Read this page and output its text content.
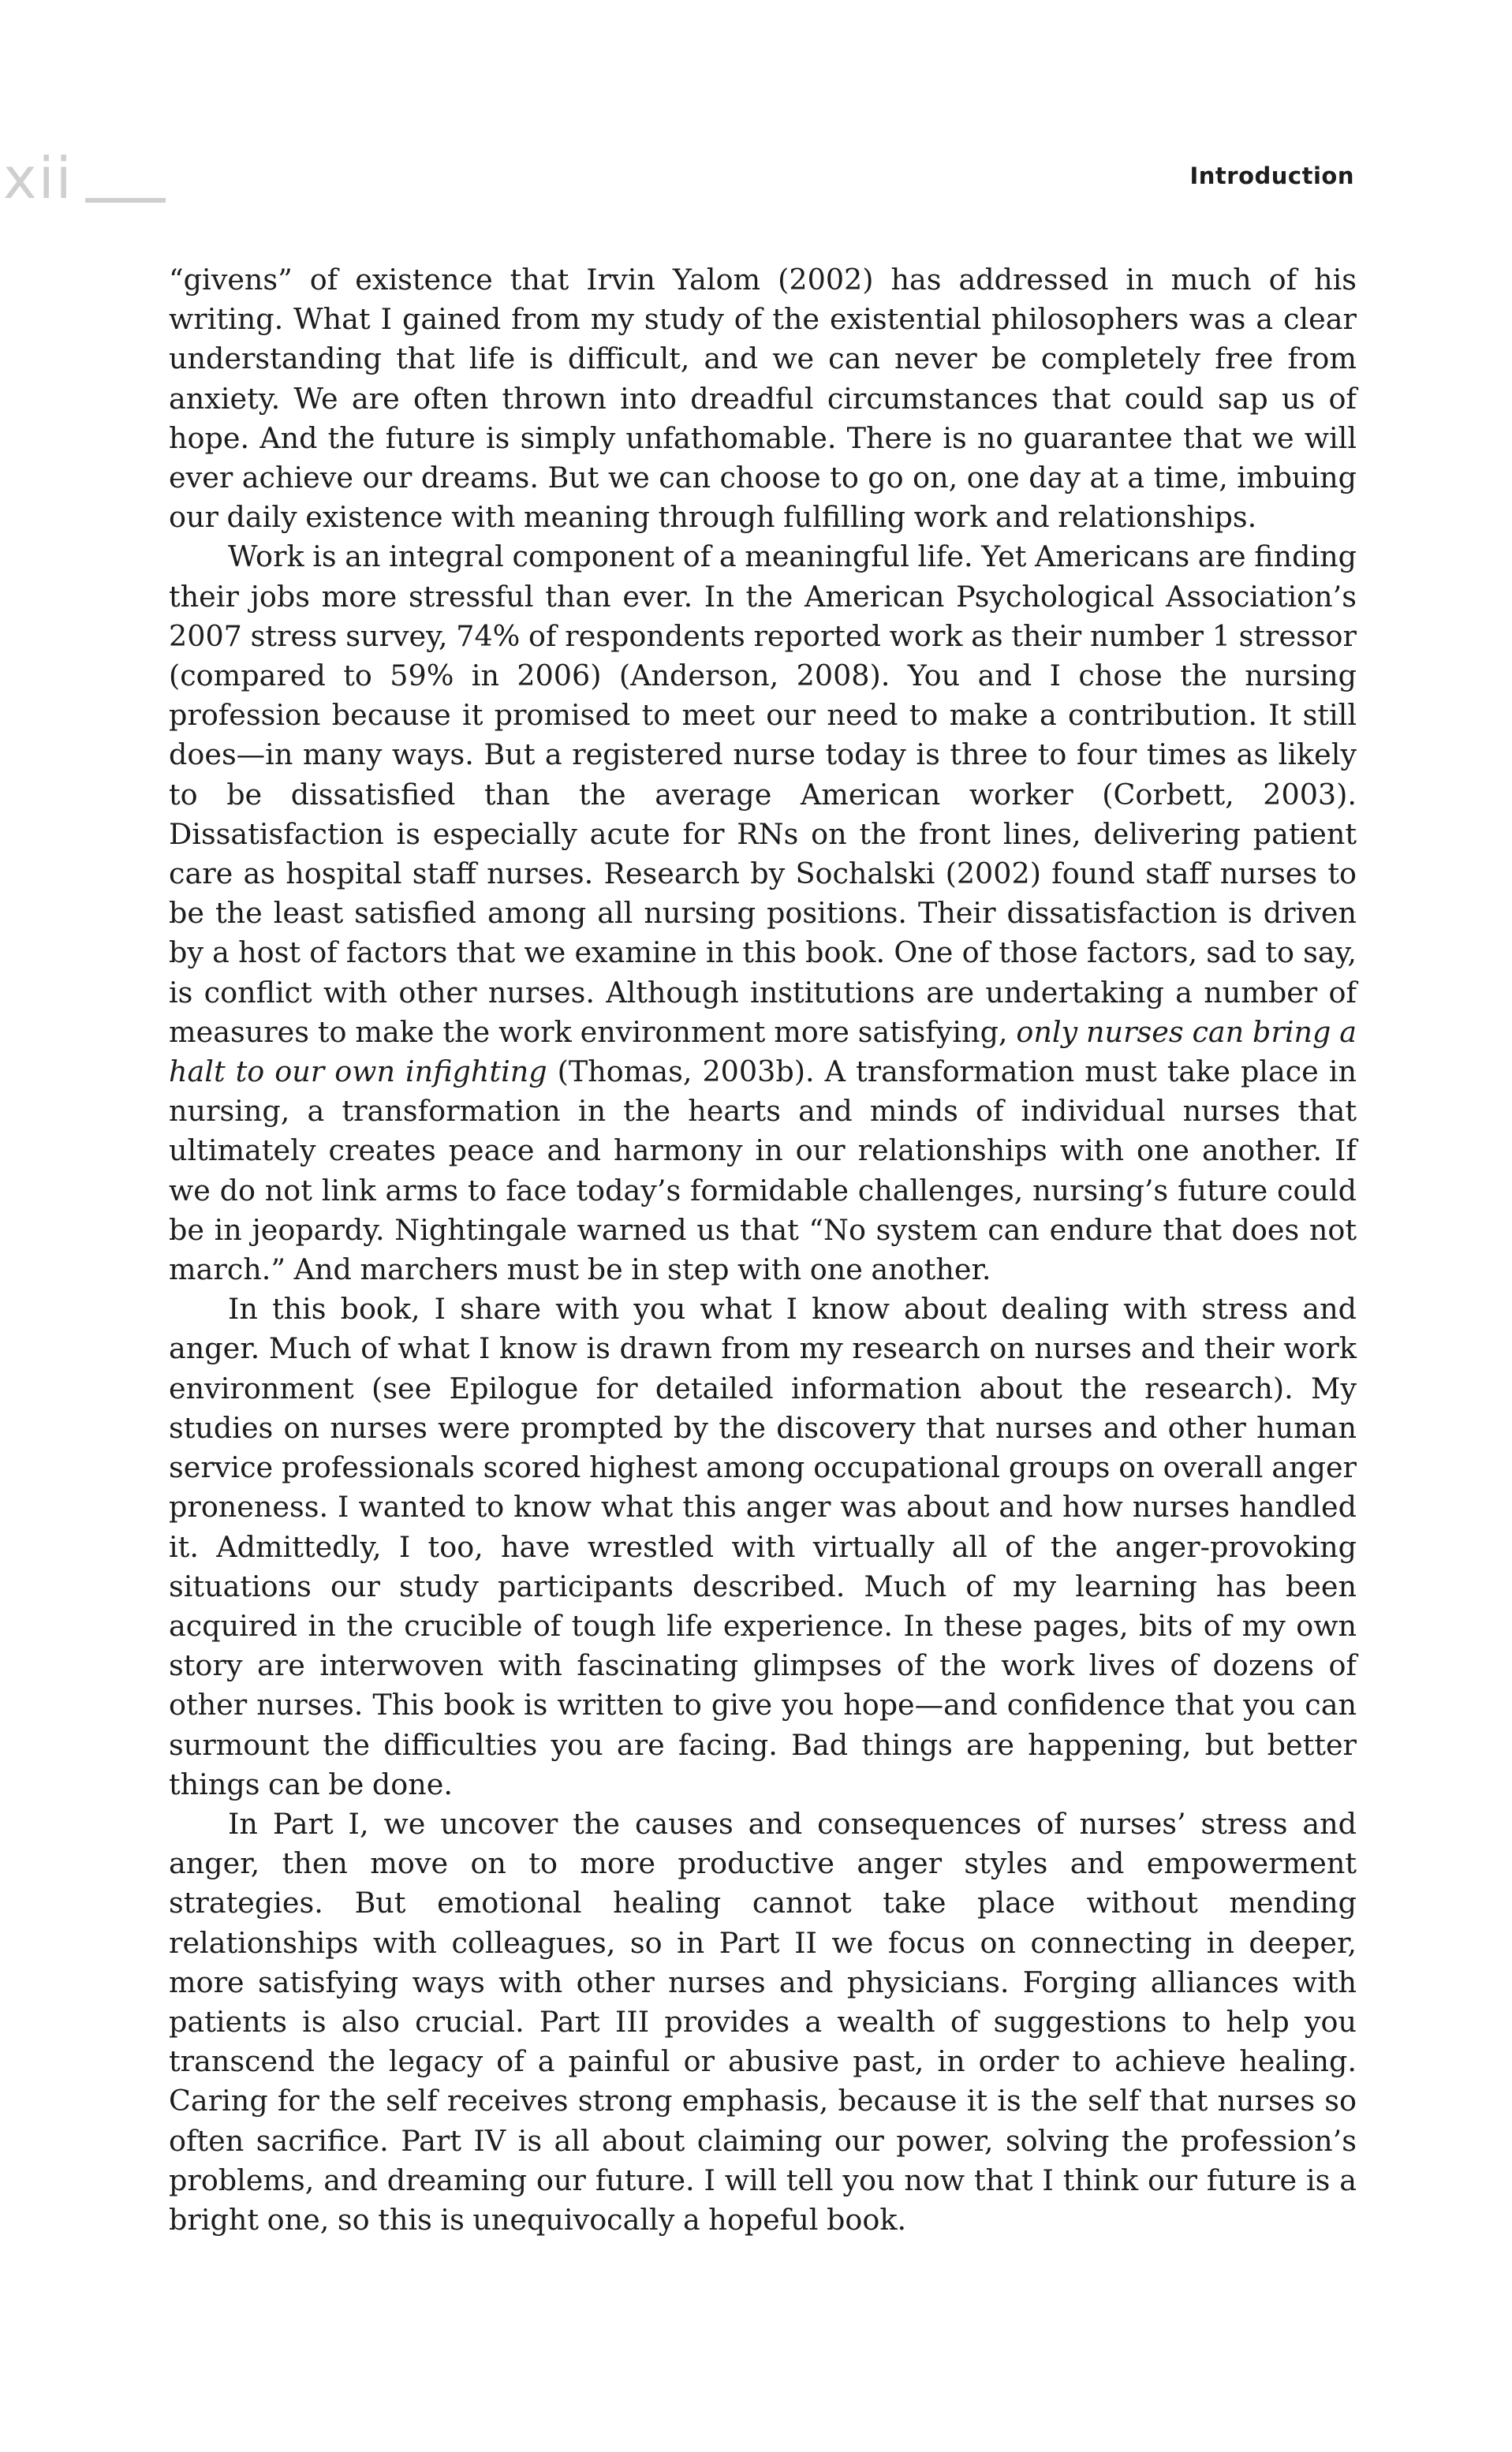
xii	Introduction

“givens” of existence that Irvin Yalom (2002) has addressed in much of his writing. What I gained from my study of the existential philosophers was a clear understanding that life is difficult, and we can never be completely free from anxiety. We are often thrown into dreadful circumstances that could sap us of hope. And the future is simply unfathomable. There is no guarantee that we will ever achieve our dreams. But we can choose to go on, one day at a time, imbuing our daily existence with meaning through fulfilling work and relationships.

Work is an integral component of a meaningful life. Yet Americans are finding their jobs more stressful than ever. In the American Psychological Association’s 2007 stress survey, 74% of respondents reported work as their number 1 stressor (compared to 59% in 2006) (Anderson, 2008). You and I chose the nursing profession because it promised to meet our need to make a contribution. It still does—in many ways. But a registered nurse today is three to four times as likely to be dissatisfied than the average American worker (Corbett, 2003). Dissatisfaction is especially acute for RNs on the front lines, delivering patient care as hospital staff nurses. Research by Sochalski (2002) found staff nurses to be the least satisfied among all nursing positions. Their dissatisfaction is driven by a host of factors that we examine in this book. One of those factors, sad to say, is conflict with other nurses. Although institutions are undertaking a number of measures to make the work environment more satisfying, only nurses can bring a halt to our own infighting (Thomas, 2003b). A transformation must take place in nursing, a transformation in the hearts and minds of individual nurses that ultimately creates peace and harmony in our relationships with one another. If we do not link arms to face today’s formidable challenges, nursing’s future could be in jeopardy. Nightingale warned us that “No system can endure that does not march.” And marchers must be in step with one another.

In this book, I share with you what I know about dealing with stress and anger. Much of what I know is drawn from my research on nurses and their work environment (see Epilogue for detailed information about the research). My studies on nurses were prompted by the discovery that nurses and other human service professionals scored highest among occupational groups on overall anger proneness. I wanted to know what this anger was about and how nurses handled it. Admittedly, I too, have wrestled with virtually all of the anger-provoking situations our study participants described. Much of my learning has been acquired in the crucible of tough life experience. In these pages, bits of my own story are interwoven with fascinating glimpses of the work lives of dozens of other nurses. This book is written to give you hope—and confidence that you can surmount the difficulties you are facing. Bad things are happening, but better things can be done.

In Part I, we uncover the causes and consequences of nurses’ stress and anger, then move on to more productive anger styles and empowerment strategies. But emotional healing cannot take place without mending relationships with colleagues, so in Part II we focus on connecting in deeper, more satisfying ways with other nurses and physicians. Forging alliances with patients is also crucial. Part III provides a wealth of suggestions to help you transcend the legacy of a painful or abusive past, in order to achieve healing. Caring for the self receives strong emphasis, because it is the self that nurses so often sacrifice. Part IV is all about claiming our power, solving the profession’s problems, and dreaming our future. I will tell you now that I think our future is a bright one, so this is unequivocally a hopeful book.
